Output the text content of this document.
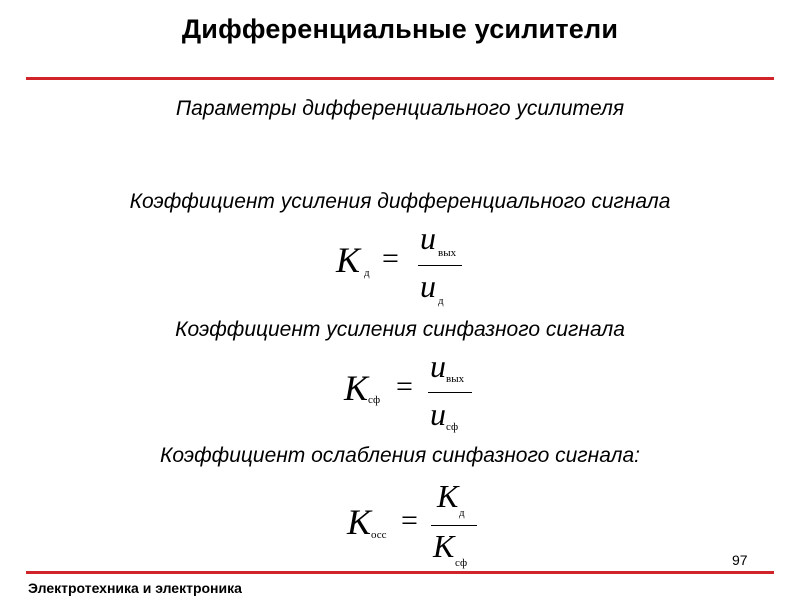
Дифференциальные усилители
Параметры дифференциального усилителя
Коэффициент усиления дифференциального сигнала
K д =
u вых
u д
Коэффициент усиления синфазного сигнала
K сф =
u вых
u сф
Коэффициент ослабления синфазного сигнала:
K осс =
K д
K сф	97
Электротехника и электроника
